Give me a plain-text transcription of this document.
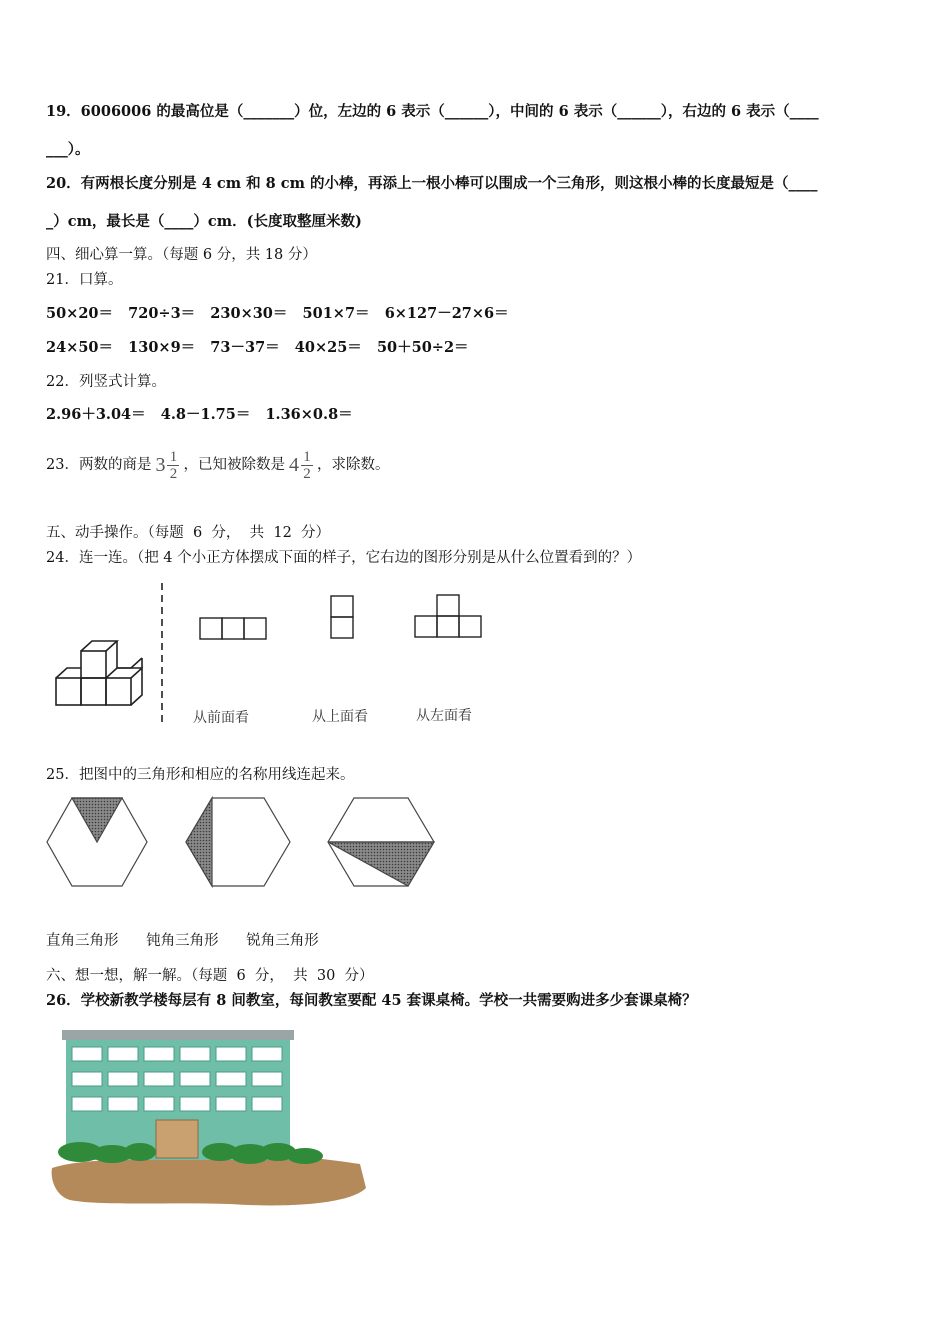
19．6006006 的最高位是（_______）位，左边的 6 表示（______），中间的 6 表示（______），右边的 6 表示（____
___）。
20．有两根长度分别是 4 cm 和 8 cm 的小棒，再添上一根小棒可以围成一个三角形，则这根小棒的长度最短是（____
_）cm，最长是（____）cm．(长度取整厘米数)
四、细心算一算。（每题 6 分，共 18 分）
21．口算。
50×20＝   720÷3＝   230×30＝   501×7＝   6×127－27×6＝
24×50＝   130×9＝   73－37＝   40×25＝   50＋50÷2＝
22．列竖式计算。
2.96＋3.04＝   4.8－1.75＝   1.36×0.8＝
23．两数的商是 3 1
2
，已知被除数是 4 1
2
，求除数。
五、动手操作。（每题  6  分，  共  12  分）
24．连一连。（把 4 个小正方体摆成下面的样子，它右边的图形分别是从什么位置看到的？）
从前面看	从上面看	从左面看
25．把图中的三角形和相应的名称用线连起来。
直角三角形      钝角三角形      锐角三角形
六、想一想，解一解。（每题  6  分，  共  30  分）
26．学校新教学楼每层有 8 间教室，每间教室要配 45 套课桌椅。学校一共需要购进多少套课桌椅？
